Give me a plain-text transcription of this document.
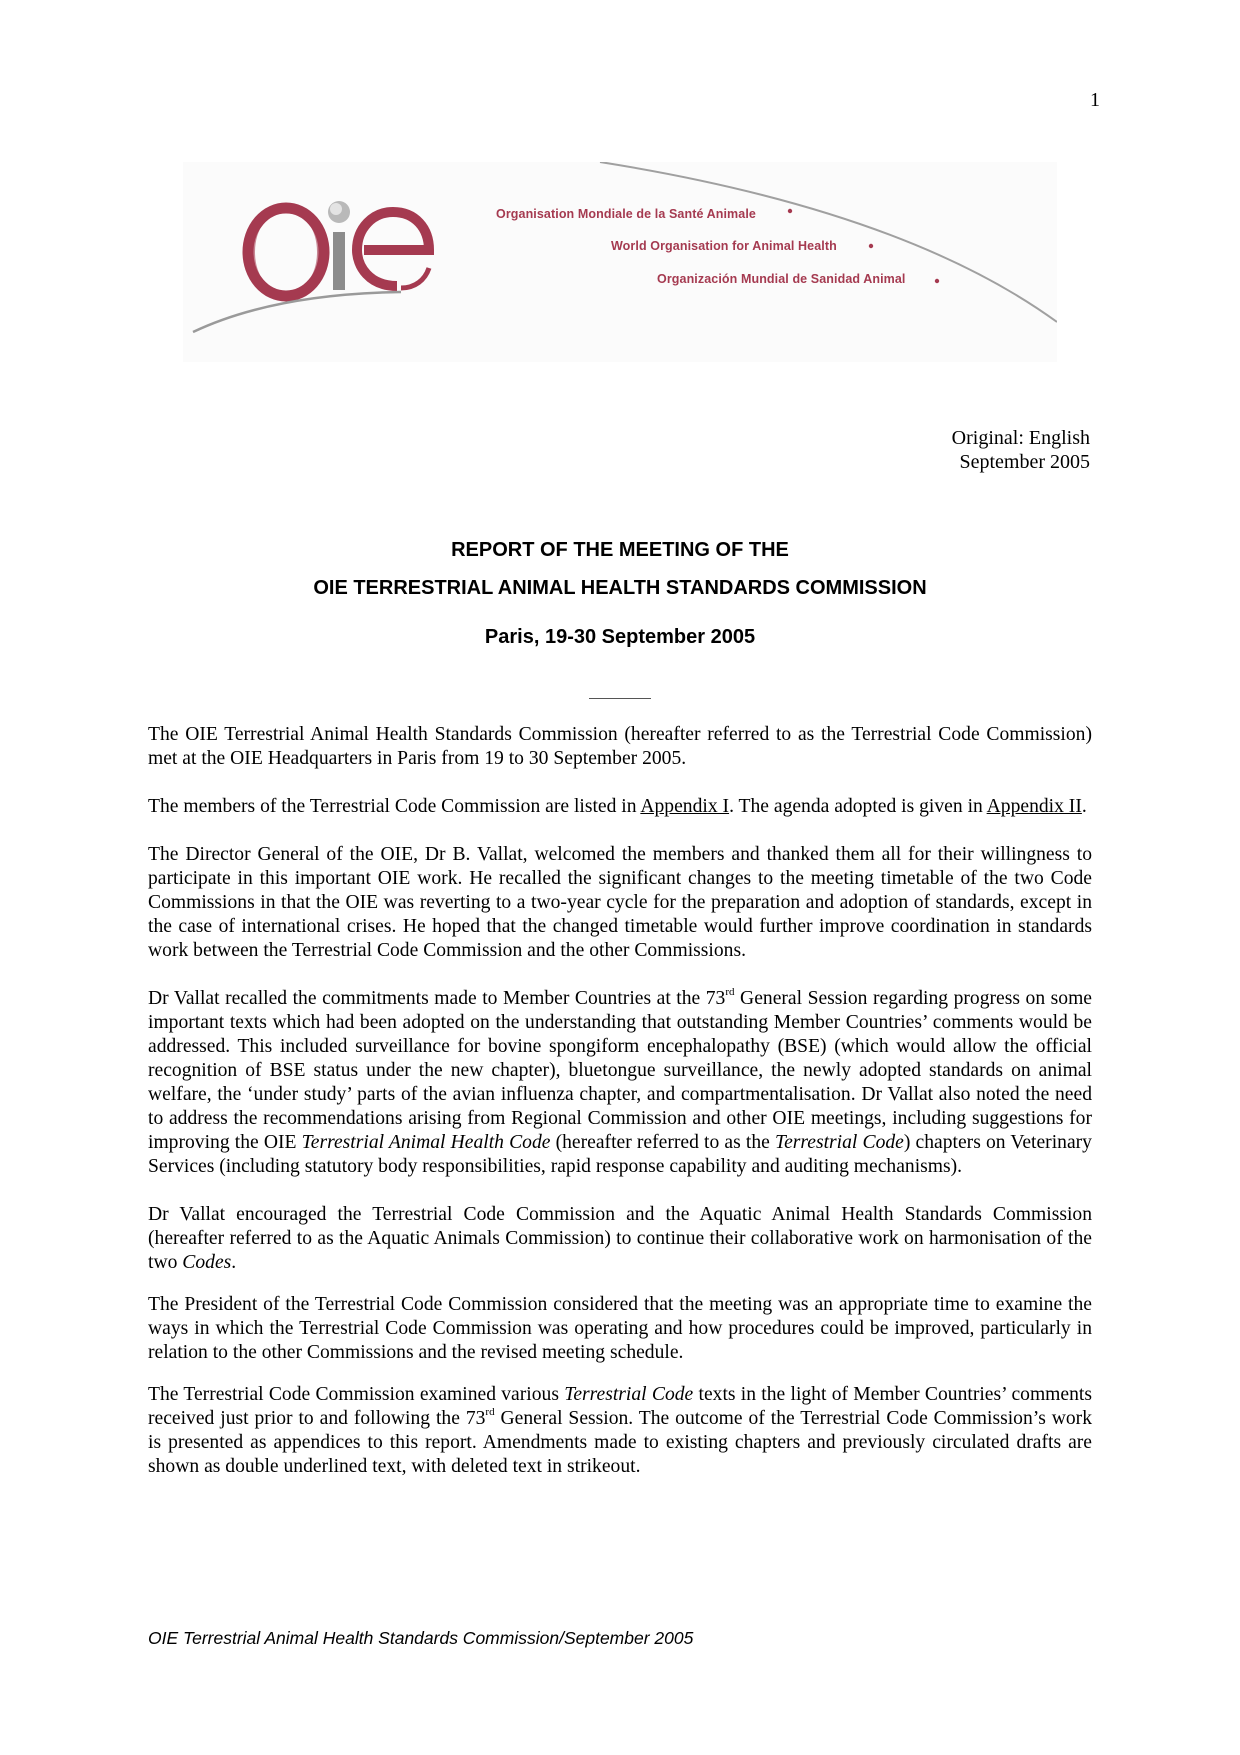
1
Organisation Mondiale de la Santé Animale
World Organisation for Animal Health
Organización Mundial de Sanidad Animal
Original: English
September 2005
REPORT OF THE MEETING OF THE
OIE TERRESTRIAL ANIMAL HEALTH STANDARDS COMMISSION
Paris, 19-30 September 2005

The OIE Terrestrial Animal Health Standards Commission (hereafter referred to as the Terrestrial Code Commission) met at the OIE Headquarters in Paris from 19 to 30 September 2005.

The members of the Terrestrial Code Commission are listed in Appendix I. The agenda adopted is given in Appendix II.

The Director General of the OIE, Dr B. Vallat, welcomed the members and thanked them all for their willingness to participate in this important OIE work. He recalled the significant changes to the meeting timetable of the two Code Commissions in that the OIE was reverting to a two-year cycle for the preparation and adoption of standards, except in the case of international crises. He hoped that the changed timetable would further improve coordination in standards work between the Terrestrial Code Commission and the other Commissions.

Dr Vallat recalled the commitments made to Member Countries at the 73rd General Session regarding progress on some important texts which had been adopted on the understanding that outstanding Member Countries’ comments would be addressed. This included surveillance for bovine spongiform encephalopathy (BSE) (which would allow the official recognition of BSE status under the new chapter), bluetongue surveillance, the newly adopted standards on animal welfare, the ‘under study’ parts of the avian influenza chapter, and compartmentalisation. Dr Vallat also noted the need to address the recommendations arising from Regional Commission and other OIE meetings, including suggestions for improving the OIE Terrestrial Animal Health Code (hereafter referred to as the Terrestrial Code) chapters on Veterinary Services (including statutory body responsibilities, rapid response capability and auditing mechanisms).

Dr Vallat encouraged the Terrestrial Code Commission and the Aquatic Animal Health Standards Commission (hereafter referred to as the Aquatic Animals Commission) to continue their collaborative work on harmonisation of the two Codes.

The President of the Terrestrial Code Commission considered that the meeting was an appropriate time to examine the ways in which the Terrestrial Code Commission was operating and how procedures could be improved, particularly in relation to the other Commissions and the revised meeting schedule.

The Terrestrial Code Commission examined various Terrestrial Code texts in the light of Member Countries’ comments received just prior to and following the 73rd General Session. The outcome of the Terrestrial Code Commission’s work is presented as appendices to this report. Amendments made to existing chapters and previously circulated drafts are shown as double underlined text, with deleted text in strikeout.

OIE Terrestrial Animal Health Standards Commission/September 2005
